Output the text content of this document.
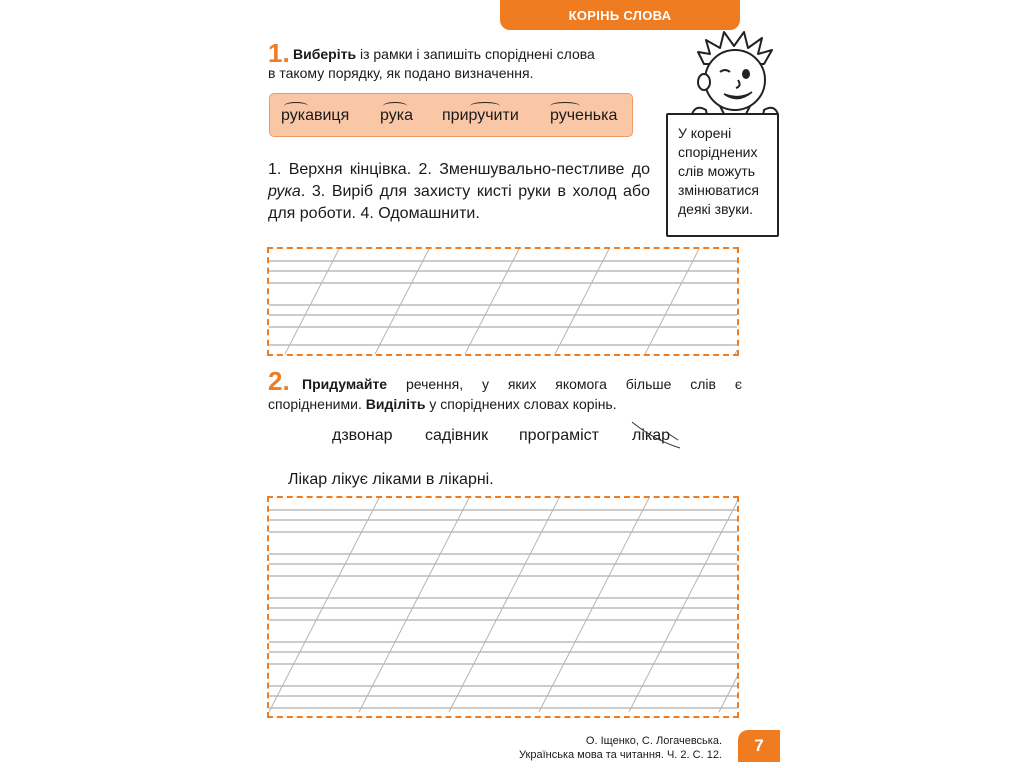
КОРІНЬ СЛОВА
1. Виберіть із рамки і запишіть споріднені слова
в такому порядку, як подано визначення.
рукавиця рука приручити рученька
1. Верхня кінцівка. 2. Зменшувально-пестливе до рука. 3. Виріб для захисту кисті руки в холод або для роботи. 4. Одомашнити.
2. Придумайте речення, у яких якомога більше слів є
спорідненими. Виділіть у споріднених словах корінь.
дзвонар садівник програміст лікар
Лікар лікує ліками в лікарні.
У корені споріднених слів можуть змінюватися деякі звуки.
О. Іщенко, С. Логачевська.
Українська мова та читання. Ч. 2. С. 12.	7
